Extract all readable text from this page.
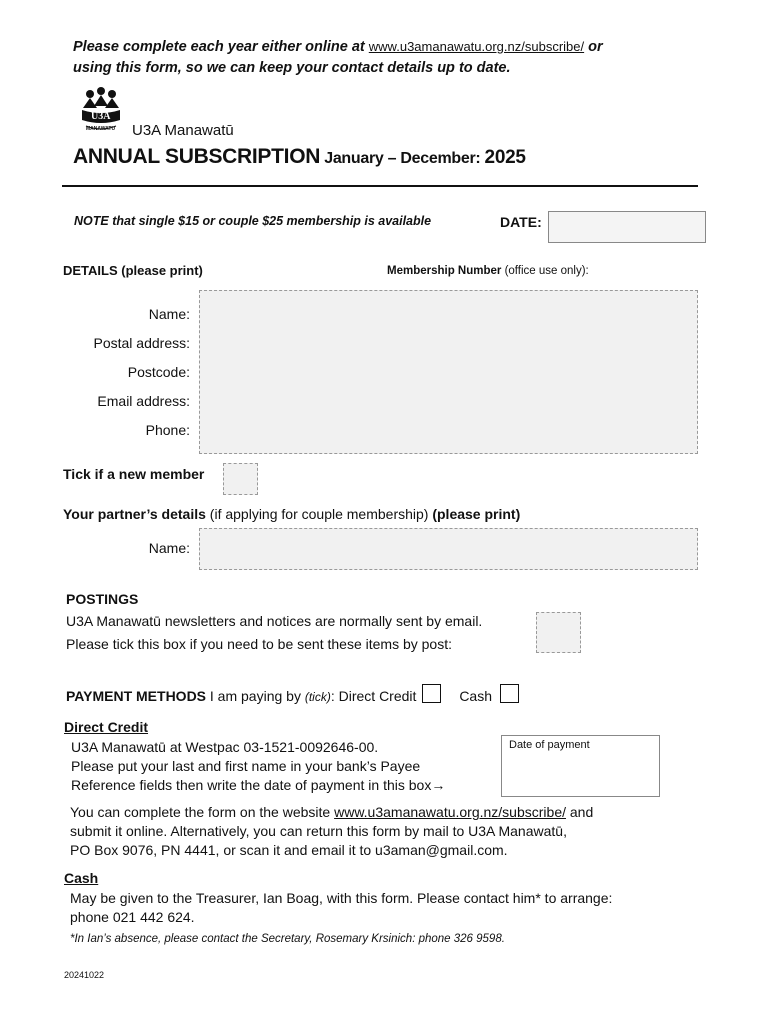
Please complete each year either online at www.u3amanawatu.org.nz/subscribe/ or
using this form, so we can keep your contact details up to date.
U3A
MANAWATU U3A Manawatū
ANNUAL SUBSCRIPTION January – December: 2025
NOTE that single $15 or couple $25 membership is available	DATE:
DETAILS (please print)	Membership Number (office use only):
Name:
Postal address:
Postcode:
Email address:
Phone:
Tick if a new member
Your partner’s details (if applying for couple membership) (please print)
Name:
POSTINGS
U3A Manawatū newsletters and notices are normally sent by email.
Please tick this box if you need to be sent these items by post:
PAYMENT METHODS I am paying by (tick): Direct Credit	Cash
Direct Credit
U3A Manawatū at Westpac 03-1521-0092646-00.
Please put your last and first name in your bank’s Payee
Reference fields then write the date of payment in this box→
Date of payment
You can complete the form on the website www.u3amanawatu.org.nz/subscribe/ and
submit it online. Alternatively, you can return this form by mail to U3A Manawatū,
PO Box 9076, PN 4441, or scan it and email it to u3aman@gmail.com.
Cash
May be given to the Treasurer, Ian Boag, with this form. Please contact him* to arrange:
phone 021 442 624.
*In Ian’s absence, please contact the Secretary, Rosemary Krsinich: phone 326 9598.
20241022
